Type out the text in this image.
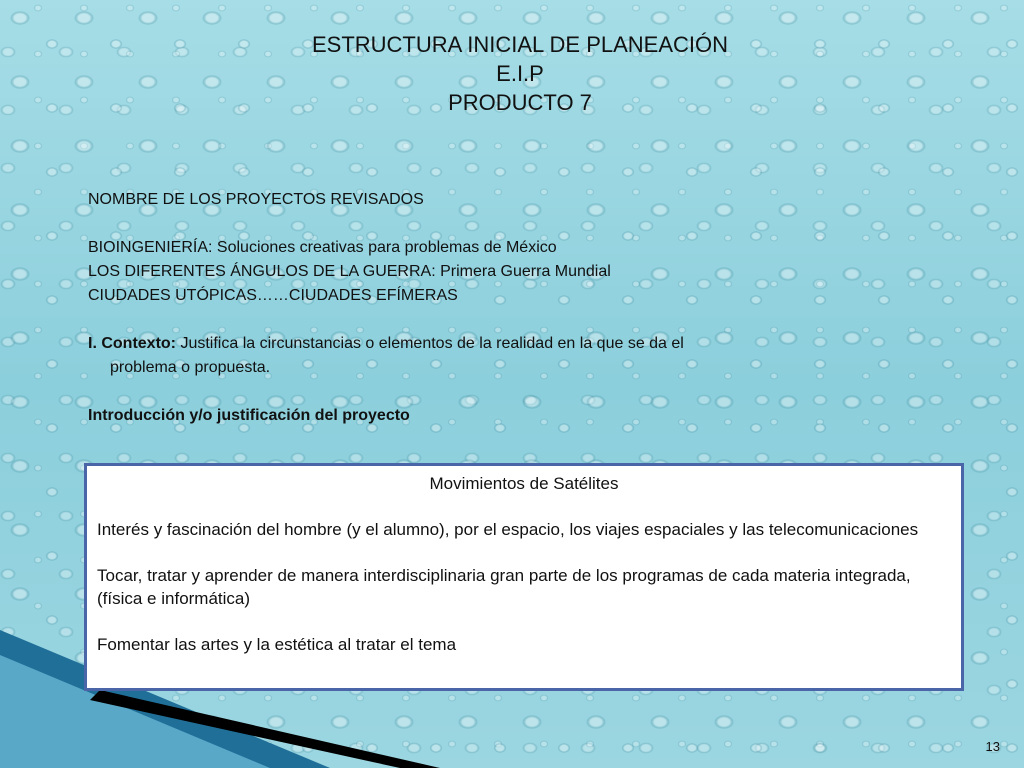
ESTRUCTURA INICIAL DE PLANEACIÓN
E.I.P
PRODUCTO 7
NOMBRE DE LOS PROYECTOS REVISADOS
BIOINGENIERÍA: Soluciones creativas para problemas de México
LOS DIFERENTES ÁNGULOS DE LA GUERRA: Primera Guerra Mundial
CIUDADES UTÓPICAS……CIUDADES EFÍMERAS
I. Contexto: Justifica la circunstancias o elementos de la realidad en la que se da el
problema o propuesta.
Introducción y/o justificación del proyecto

Movimientos de Satélites

Interés y fascinación del hombre (y el alumno), por el espacio, los viajes espaciales y las telecomunicaciones

Tocar, tratar y aprender de manera interdisciplinaria gran parte de los programas de cada materia integrada, (física e informática)

Fomentar las artes y la estética al tratar el tema

13
